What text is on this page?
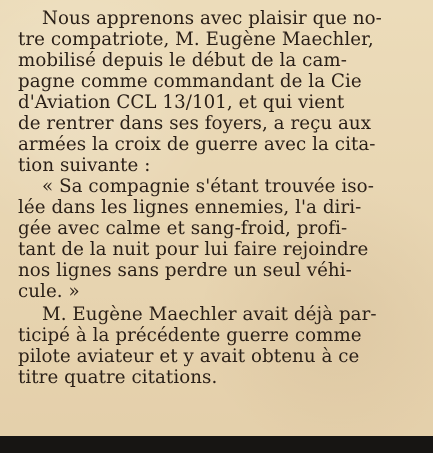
Nous apprenons avec plaisir que no-
tre compatriote, M. Eugène Maechler,
mobilisé depuis le début de la cam-
pagne comme commandant de la Cie
d'Aviation CCL 13/101, et qui vient
de rentrer dans ses foyers, a reçu aux
armées la croix de guerre avec la cita-
tion suivante :

« Sa compagnie s'étant trouvée iso-
lée dans les lignes ennemies, l'a diri-
gée avec calme et sang-froid, profi-
tant de la nuit pour lui faire rejoindre
nos lignes sans perdre un seul véhi-
cule. »

M. Eugène Maechler avait déjà par-
ticipé à la précédente guerre comme
pilote aviateur et y avait obtenu à ce
titre quatre citations.
